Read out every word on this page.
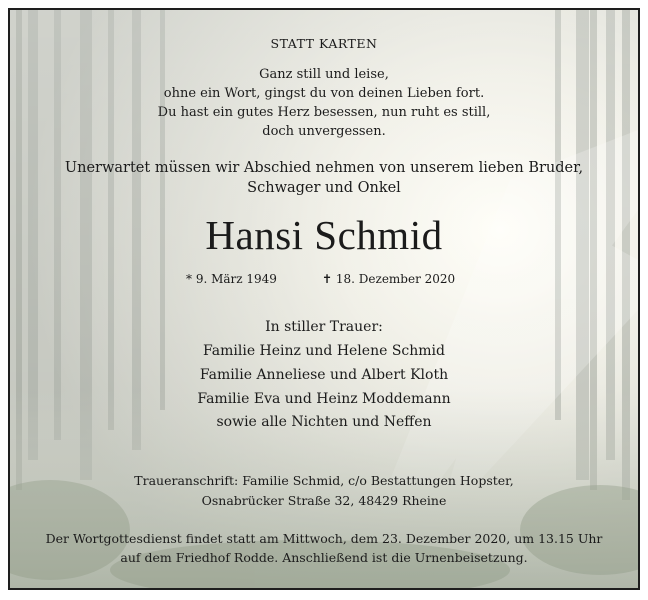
STATT KARTEN
Ganz still und leise,
ohne ein Wort, gingst du von deinen Lieben fort.
Du hast ein gutes Herz besessen, nun ruht es still,
doch unvergessen.
Unerwartet müssen wir Abschied nehmen von unserem lieben Bruder,
Schwager und Onkel
Hansi Schmid
* 9. März 1949	✝ 18. Dezember 2020
In stiller Trauer:
Familie Heinz und Helene Schmid
Familie Anneliese und Albert Kloth
Familie Eva und Heinz Moddemann
sowie alle Nichten und Neffen
Traueranschrift: Familie Schmid, c/o Bestattungen Hopster,
Osnabrücker Straße 32, 48429 Rheine
Der Wortgottesdienst findet statt am Mittwoch, dem 23. Dezember 2020, um 13.15 Uhr
auf dem Friedhof Rodde. Anschließend ist die Urnenbeisetzung.
